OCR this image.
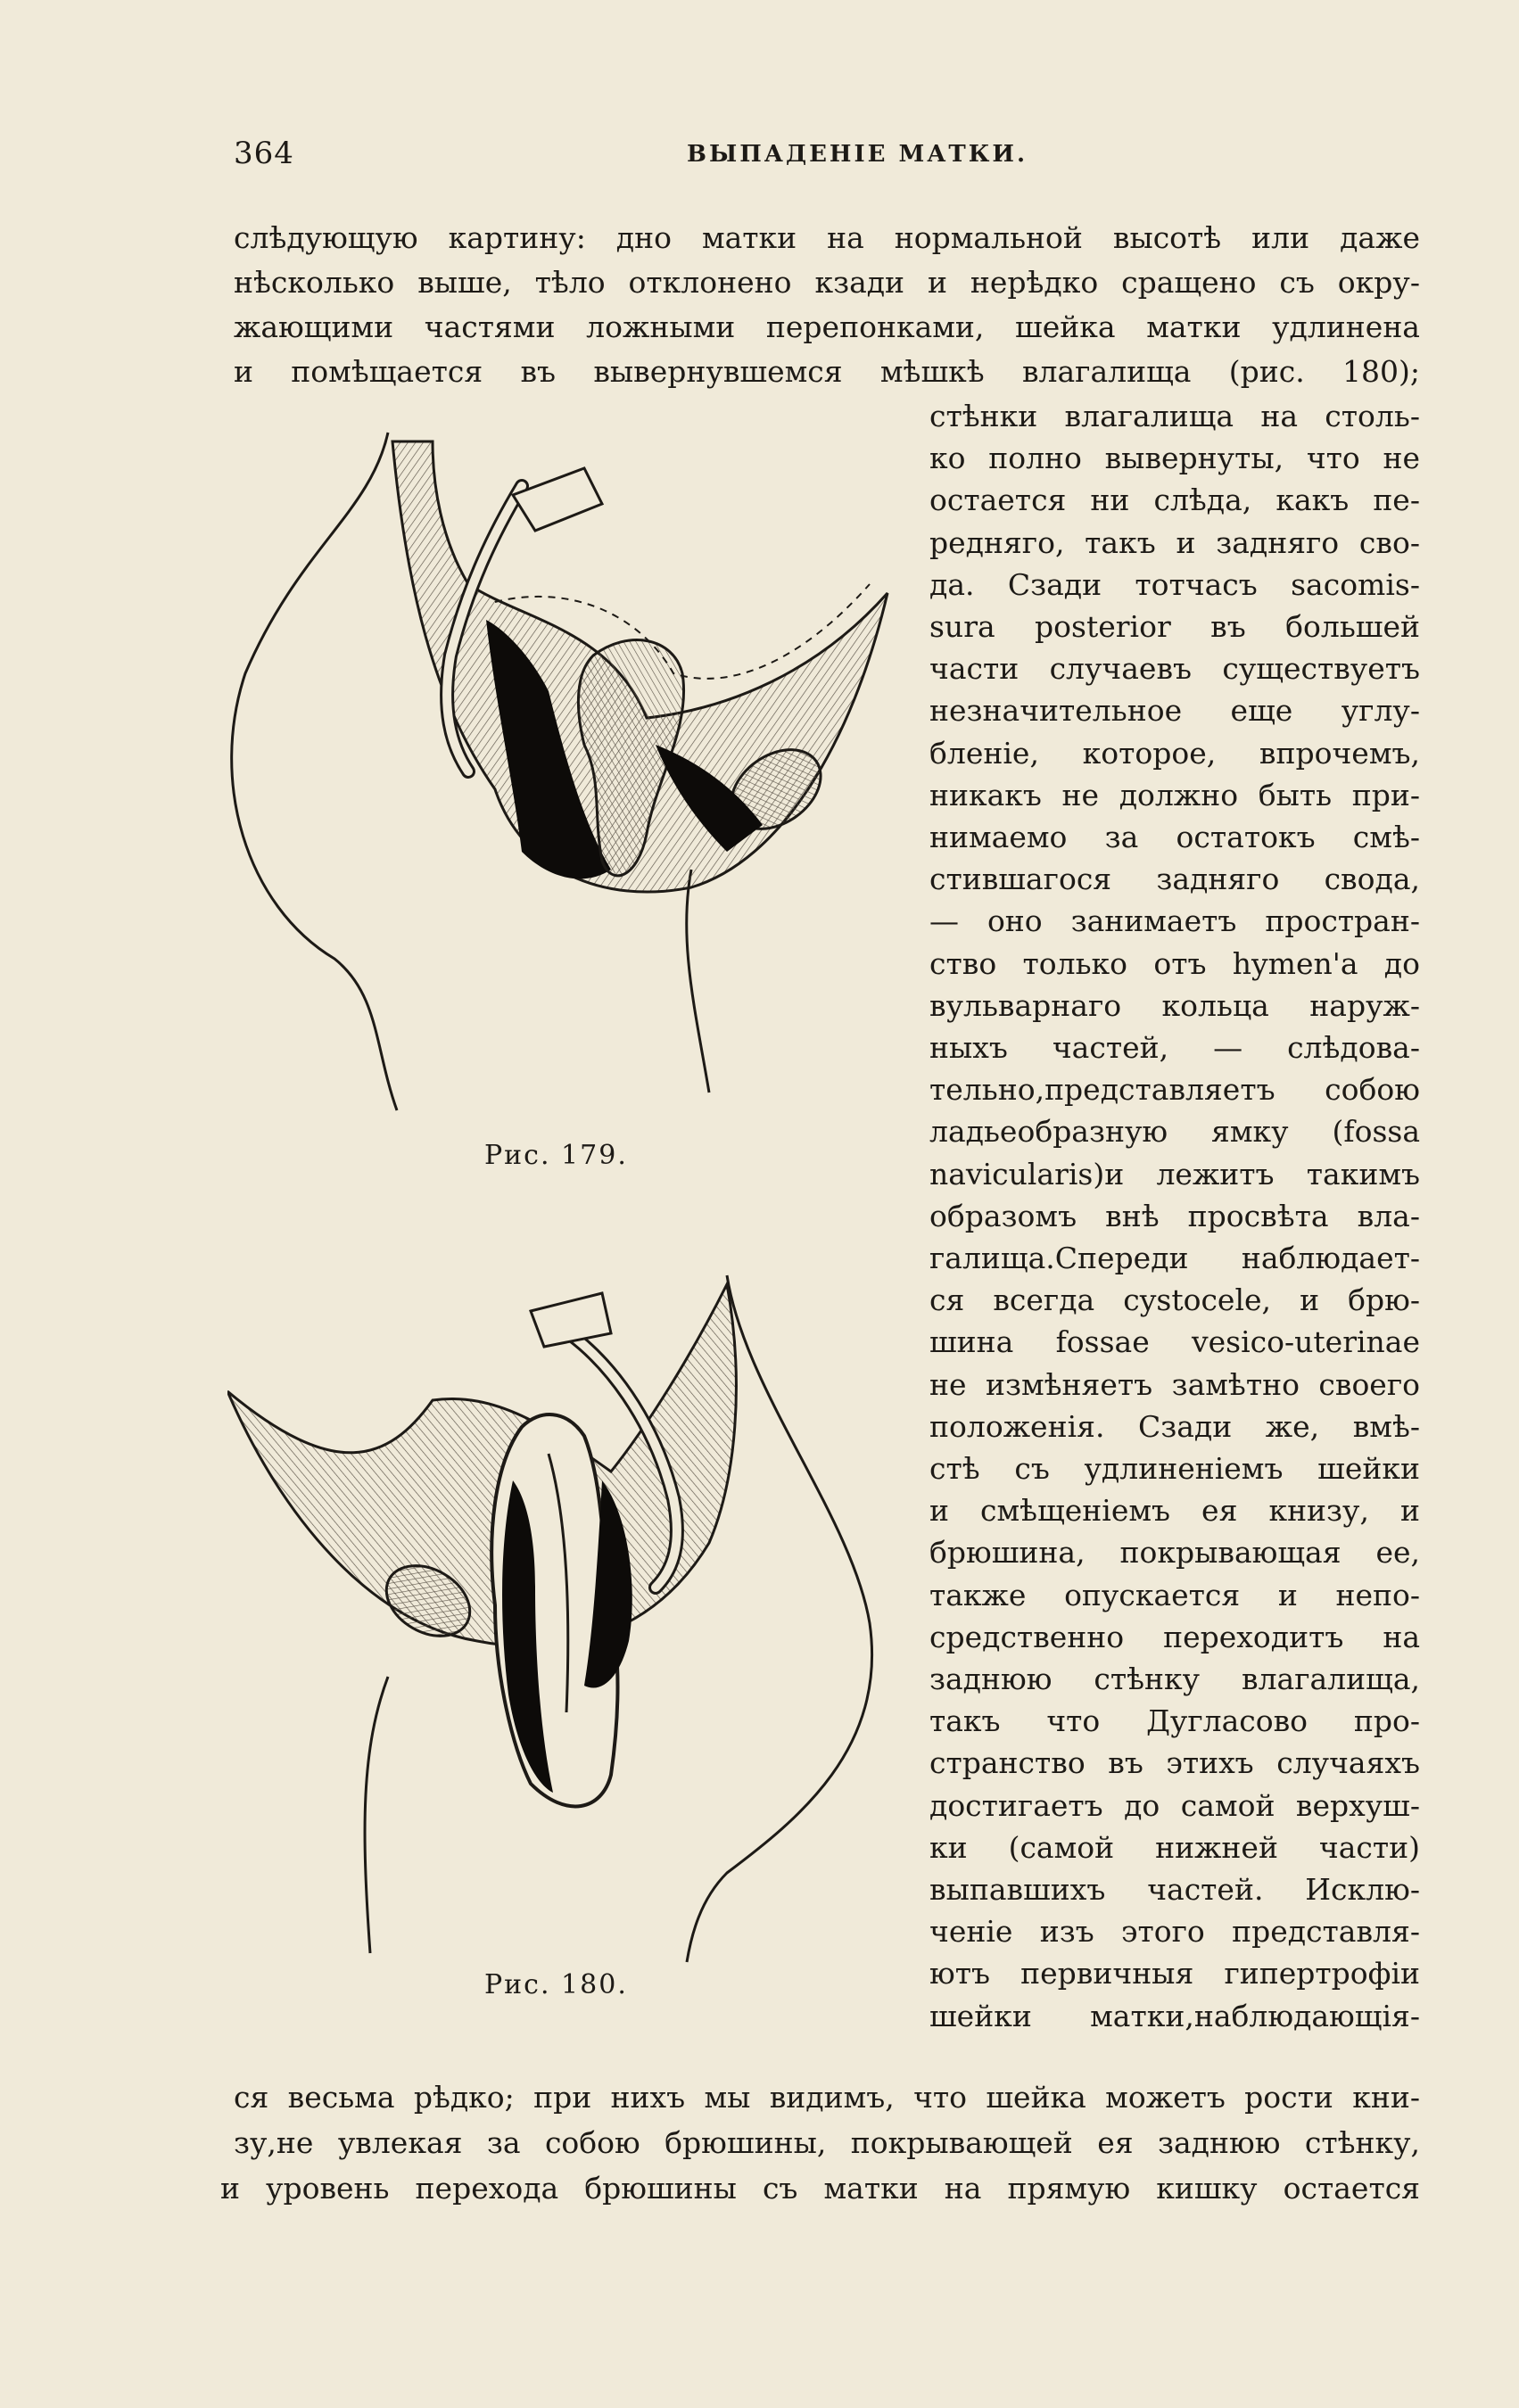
364	ВЫПАДЕНІЕ МАТКИ.
слѣдующую картину: дно матки на нормальной высотѣ или даже
нѣсколько выше, тѣло отклонено кзади и нерѣдко сращено съ окру-
жающими частями ложными перепонками, шейка матки удлинена
и помѣщается въ вывернувшемся мѣшкѣ влагалища (рис. 180);
стѣнки влагалища на столь-
ко полно вывернуты, что не
остается ни слѣда, какъ пе-
редняго, такъ и задняго сво-
да. Сзади тотчасъ sacomis-
sura posterior въ большей
части случаевъ существуетъ
незначительное еще углу-
бленіе, которое, впрочемъ,
никакъ не должно быть при-
нимаемо за остатокъ смѣ-
стившагося задняго свода,
— оно занимаетъ простран-
ство только отъ hymen'а до
вульварнаго кольца наруж-
ныхъ частей, — слѣдова-
тельно,представляетъ собою
ладьеобразную ямку (fossa
navicularis)и лежитъ такимъ
образомъ внѣ просвѣта вла-
галища.Спереди наблюдает-
ся всегда cystocele, и брю-
шина fossae vesico-uterinae
не измѣняетъ замѣтно своего
положенія. Сзади же, вмѣ-
стѣ съ удлиненіемъ шейки
и смѣщеніемъ ея книзу, и
брюшина, покрывающая ее,
также опускается и непо-
средственно переходитъ на
заднюю стѣнку влагалища,
такъ что Дугласово про-
странство въ этихъ случаяхъ
достигаетъ до самой верхуш-
ки (самой нижней части)
выпавшихъ частей. Исклю-
ченіе изъ этого представля-
ютъ первичныя гипертрофіи
шейки матки,наблюдающія-
ся весьма рѣдко; при нихъ мы видимъ, что шейка можетъ рости кни-
зу,не увлекая за собою брюшины, покрывающей ея заднюю стѣнку,
и уровень перехода брюшины съ матки на прямую кишку остается
Рис. 179.
Рис. 180.
